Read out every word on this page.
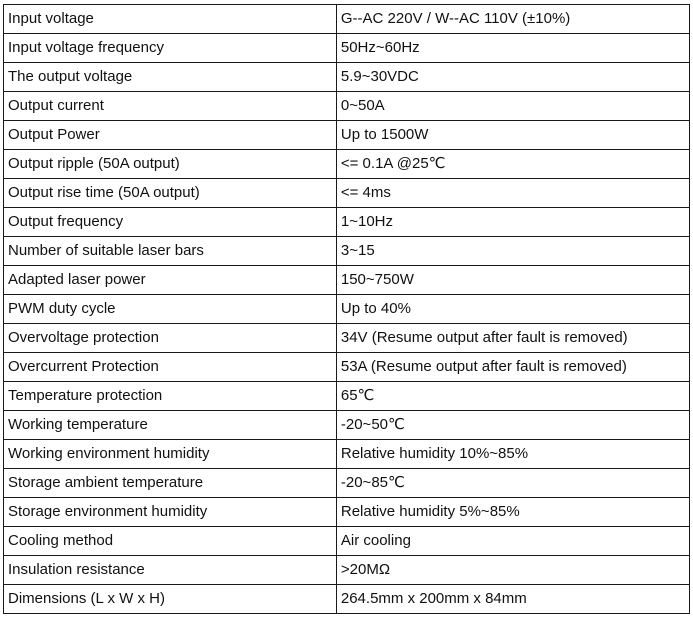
Input voltage	G--AC 220V / W--AC 110V (±10%)
Input voltage frequency	50Hz~60Hz
The output voltage	5.9~30VDC
Output current	0~50A
Output Power	Up to 1500W
Output ripple (50A output)	<= 0.1A @25℃
Output rise time (50A output)	<= 4ms
Output frequency	1~10Hz
Number of suitable laser bars	3~15
Adapted laser power	150~750W
PWM duty cycle	Up to 40%
Overvoltage protection	34V (Resume output after fault is removed)
Overcurrent Protection	53A (Resume output after fault is removed)
Temperature protection	65℃
Working temperature	-20~50℃
Working environment humidity	Relative humidity 10%~85%
Storage ambient temperature	-20~85℃
Storage environment humidity	Relative humidity 5%~85%
Cooling method	Air cooling
Insulation resistance	>20MΩ
Dimensions (L x W x H)	264.5mm x 200mm x 84mm
